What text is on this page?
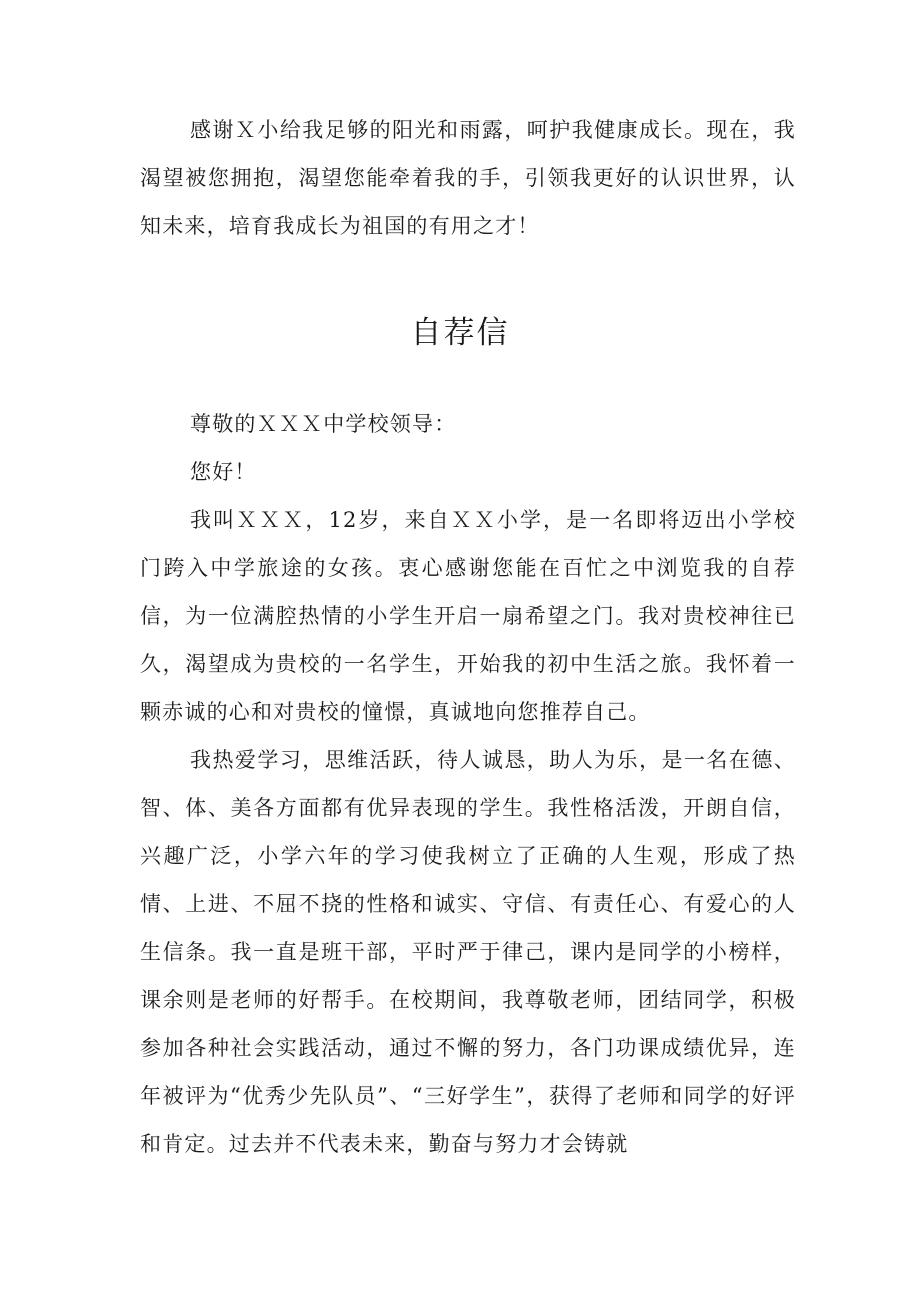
感谢Ｘ小给我足够的阳光和雨露，呵护我健康成长。现在，我渴望被您拥抱，渴望您能牵着我的手，引领我更好的认识世界，认知未来，培育我成长为祖国的有用之才！

自荐信

尊敬的ＸＸＸ中学校领导：

您好！

我叫ＸＸＸ，12岁，来自ＸＸ小学，是一名即将迈出小学校门跨入中学旅途的女孩。衷心感谢您能在百忙之中浏览我的自荐信，为一位满腔热情的小学生开启一扇希望之门。我对贵校神往已久，渴望成为贵校的一名学生，开始我的初中生活之旅。我怀着一颗赤诚的心和对贵校的憧憬，真诚地向您推荐自己。

我热爱学习，思维活跃，待人诚恳，助人为乐，是一名在德、智、体、美各方面都有优异表现的学生。我性格活泼，开朗自信，兴趣广泛，小学六年的学习使我树立了正确的人生观，形成了热情、上进、不屈不挠的性格和诚实、守信、有责任心、有爱心的人生信条。我一直是班干部，平时严于律己，课内是同学的小榜样，课余则是老师的好帮手。在校期间，我尊敬老师，团结同学，积极参加各种社会实践活动，通过不懈的努力，各门功课成绩优异，连年被评为“优秀少先队员”、“三好学生”，获得了老师和同学的好评和肯定。过去并不代表未来，勤奋与努力才会铸就
